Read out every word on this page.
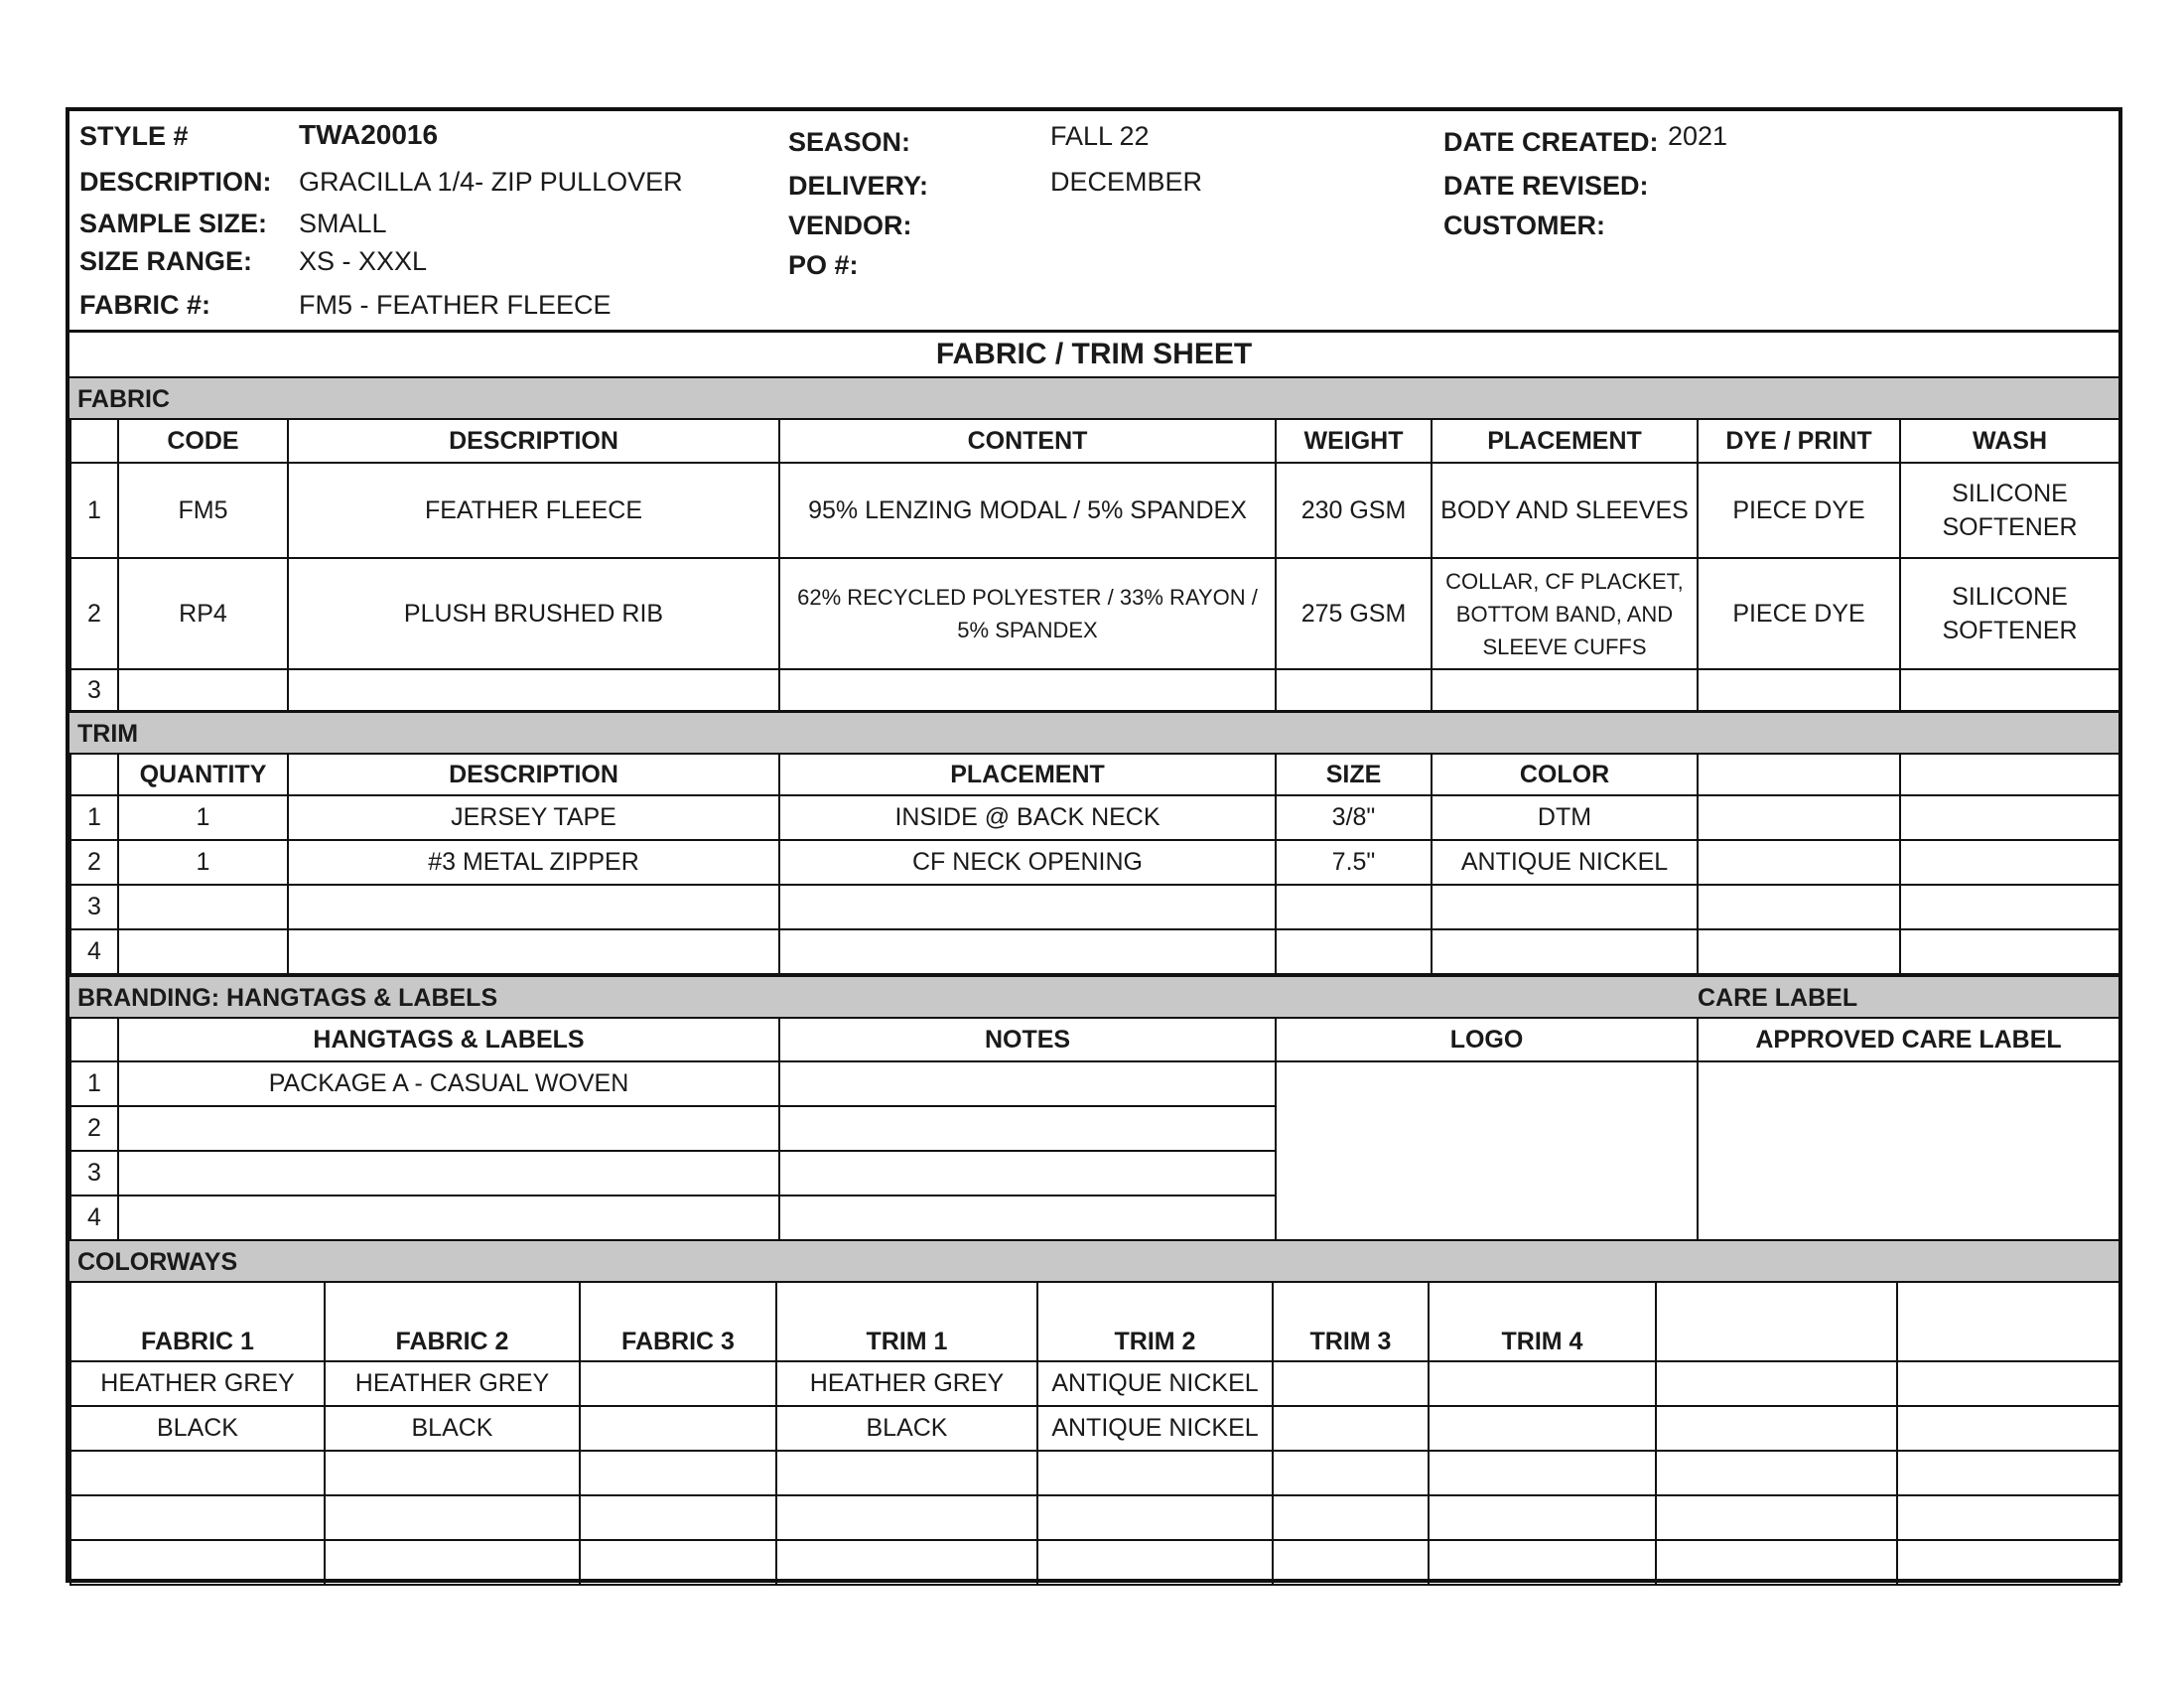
STYLE #	TWA20016
DESCRIPTION: GRACILLA 1/4- ZIP PULLOVER
SAMPLE SIZE: SMALL
SIZE RANGE: XS - XXXL
FABRIC #:	FM5 - FEATHER FLEECE
SEASON:	FALL 22
DELIVERY:	DECEMBER
VENDOR:
PO #:
DATE CREATED: 2021
DATE REVISED:
CUSTOMER:
FABRIC / TRIM SHEET
FABRIC
	CODE	DESCRIPTION	CONTENT	WEIGHT	PLACEMENT	DYE / PRINT	WASH
1	FM5	FEATHER FLEECE	95% LENZING MODAL / 5% SPANDEX	230 GSM	BODY AND SLEEVES	PIECE DYE	SILICONE SOFTENER
2	RP4	PLUSH BRUSHED RIB	62% RECYCLED POLYESTER / 33% RAYON / 5% SPANDEX	275 GSM	COLLAR, CF PLACKET, BOTTOM BAND, AND SLEEVE CUFFS	PIECE DYE	SILICONE SOFTENER
3							
TRIM
	QUANTITY	DESCRIPTION	PLACEMENT	SIZE	COLOR		
1	1	JERSEY TAPE	INSIDE @ BACK NECK	3/8"	DTM		
2	1	#3 METAL ZIPPER	CF NECK OPENING	7.5"	ANTIQUE NICKEL		
3							
4							
BRANDING: HANGTAGS & LABELS	CARE LABEL
	HANGTAGS & LABELS	NOTES	LOGO	APPROVED CARE LABEL
1	PACKAGE A - CASUAL WOVEN			
2				
3				
4				
COLORWAYS
FABRIC 1	FABRIC 2	FABRIC 3	TRIM 1	TRIM 2	TRIM 3	TRIM 4		
HEATHER GREY	HEATHER GREY		HEATHER GREY	ANTIQUE NICKEL				
BLACK	BLACK		BLACK	ANTIQUE NICKEL				
